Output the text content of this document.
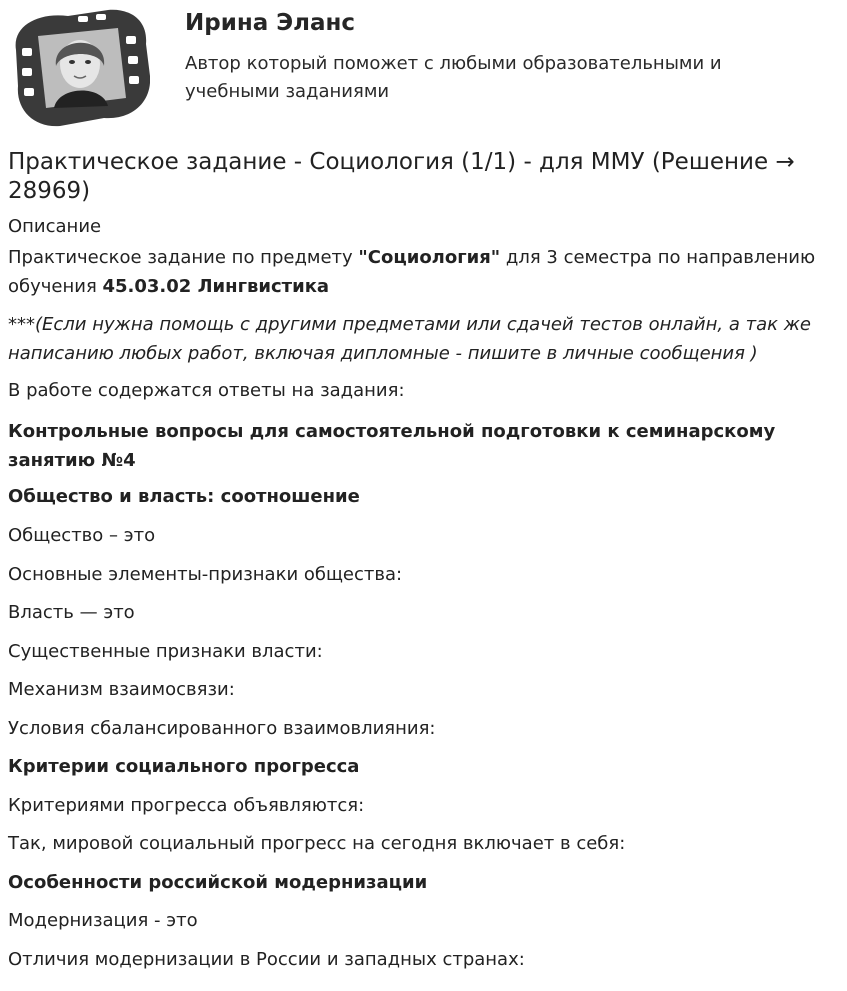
Ирина Эланс

Автор который поможет с любыми образовательными и учебными заданиями

Практическое задание - Социология (1/1) - для ММУ (Решение → 28969)
Описание
Практическое задание по предмету "Социология" для 3 семестра по направлению обучения 45.03.02 Лингвистика
***(Если нужна помощь с другими предметами или сдачей тестов онлайн, а так же написанию любых работ, включая дипломные - пишите в личные сообщения )
В работе содержатся ответы на задания:
Контрольные вопросы для самостоятельной подготовки к семинарскому занятию №4
Общество и власть: соотношение
Общество – это
Основные элементы-признаки общества:
Власть — это
Существенные признаки власти:
Механизм взаимосвязи:
Условия сбалансированного взаимовлияния:
Критерии социального прогресса
Критериями прогресса объявляются:
Так, мировой социальный прогресс на сегодня включает в себя:
Особенности российской модернизации
Модернизация - это
Отличия модернизации в России и западных странах:
